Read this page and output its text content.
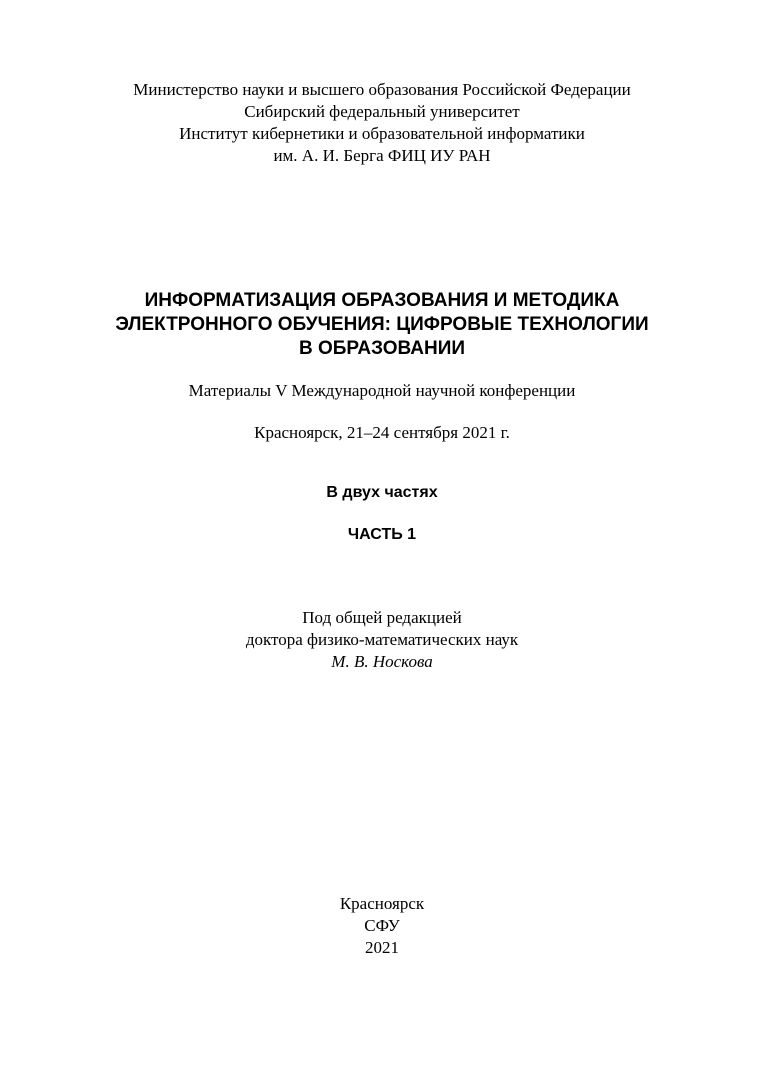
Министерство науки и высшего образования Российской Федерации
Сибирский федеральный университет
Институт кибернетики и образовательной информатики
им. А. И. Берга ФИЦ ИУ РАН
ИНФОРМАТИЗАЦИЯ ОБРАЗОВАНИЯ И МЕТОДИКА
ЭЛЕКТРОННОГО ОБУЧЕНИЯ: ЦИФРОВЫЕ ТЕХНОЛОГИИ
В ОБРАЗОВАНИИ
Материалы V Международной научной конференции
Красноярск, 21–24 сентября 2021 г.
В двух частях
ЧАСТЬ 1
Под общей редакцией
доктора физико-математических наук
М. В. Носкова
Красноярск
СФУ
2021
